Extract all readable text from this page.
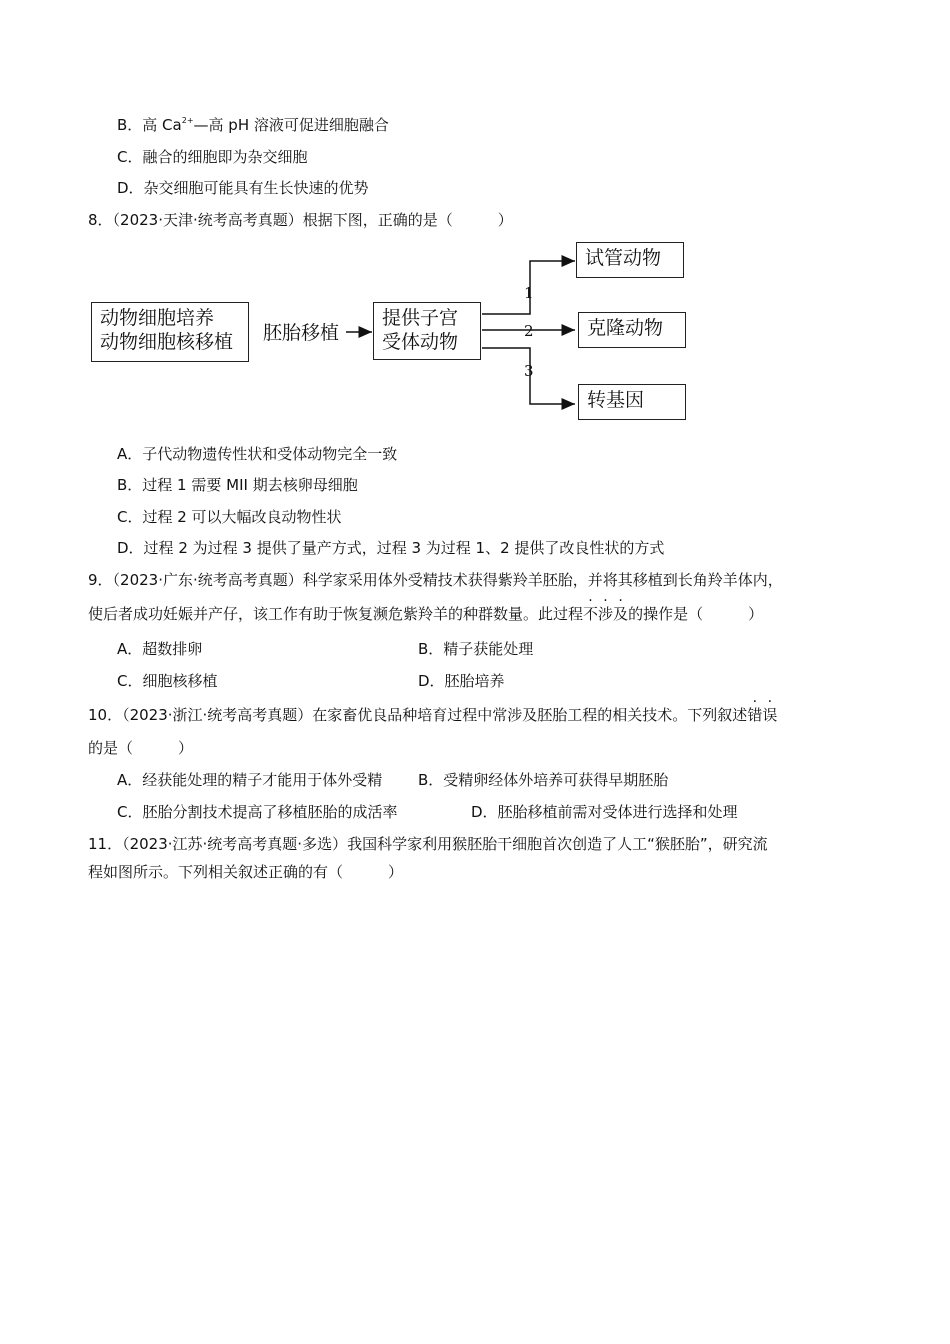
B．高 $Ca^{2+}—$高 pH 溶液可促进细胞融合
C．融合的细胞即为杂交细胞
D．杂交细胞可能具有生长快速的优势
8．（2023·天津·统考高考真题）根据下图，正确的是（　　　）
动物细胞培养
动物细胞核移植	胚胎移植
提供子宫
受体动物
1
2
3
试管动物
克隆动物
转基因
A．子代动物遗传性状和受体动物完全一致
B．过程 1 需要 MII 期去核卵母细胞
C．过程 2 可以大幅改良动物性状
D．过程 2 为过程 3 提供了量产方式，过程 3 为过程 1、2 提供了改良性状的方式
9．（2023·广东·统考高考真题）科学家采用体外受精技术获得紫羚羊胚胎，并将其移植到长角羚羊体内，
使后者成功妊娠并产仔，该工作有助于恢复濒危紫羚羊的种群数量。此过程不涉及的操作是（　　　）
A．超数排卵	B．精子获能处理
C．细胞核移植	D．胚胎培养
10．（2023·浙江·统考高考真题）在家畜优良品种培育过程中常涉及胚胎工程的相关技术。下列叙述错误
的是（　　　）
A．经获能处理的精子才能用于体外受精 B．受精卵经体外培养可获得早期胚胎
C．胚胎分割技术提高了移植胚胎的成活率	D．胚胎移植前需对受体进行选择和处理
11．（2023·江苏·统考高考真题·多选）我国科学家利用猴胚胎干细胞首次创造了人工“猴胚胎”，研究流
程如图所示。下列相关叙述正确的有（　　　）
